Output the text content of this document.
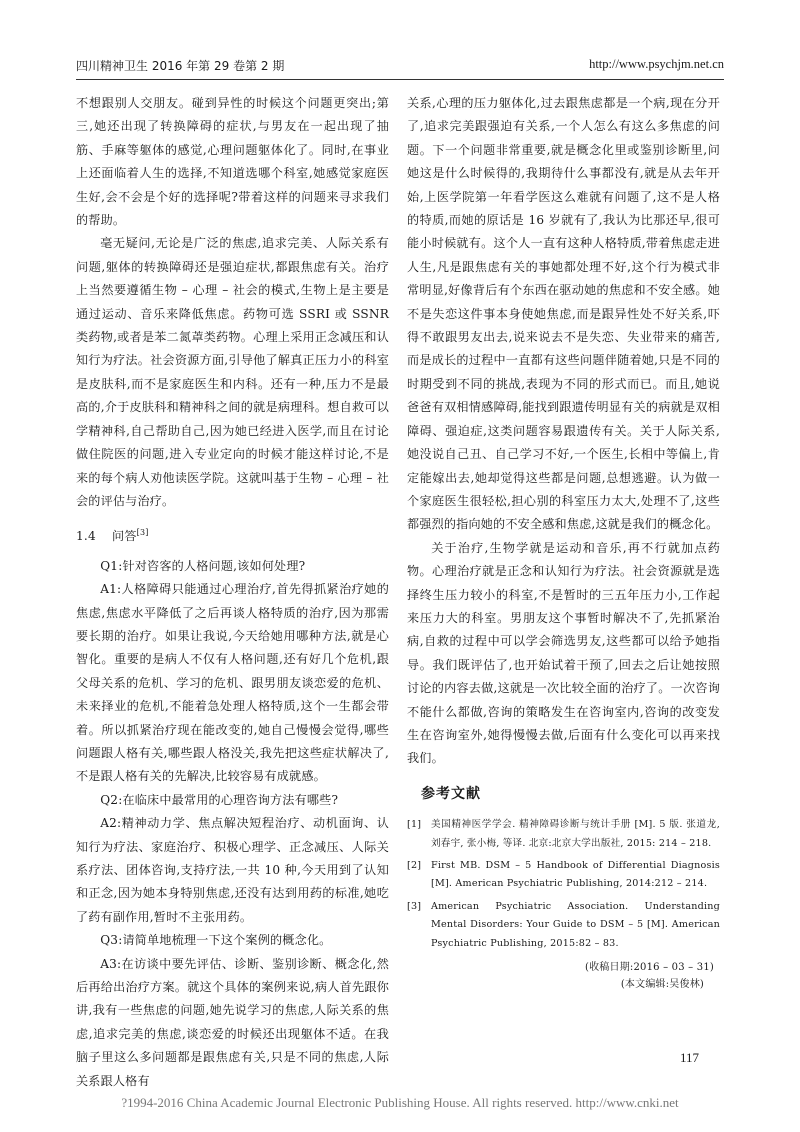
四川精神卫生 2016 年第 29 卷第 2 期	http://www.psychjm.net.cn

不想跟别人交朋友。碰到异性的时候这个问题更突出;第三,她还出现了转换障碍的症状,与男友在一起出现了抽筋、手麻等躯体的感觉,心理问题躯体化了。同时,在事业上还面临着人生的选择,不知道选哪个科室,她感觉家庭医生好,会不会是个好的选择呢?带着这样的问题来寻求我们的帮助。

毫无疑问,无论是广泛的焦虑,追求完美、人际关系有问题,躯体的转换障碍还是强迫症状,都跟焦虑有关。治疗上当然要遵循生物 – 心理 – 社会的模式,生物上是主要是通过运动、音乐来降低焦虑。药物可选 SSRI 或 SSNR 类药物,或者是苯二氮䓬类药物。心理上采用正念减压和认知行为疗法。社会资源方面,引导他了解真正压力小的科室是皮肤科,而不是家庭医生和内科。还有一种,压力不是最高的,介于皮肤科和精神科之间的就是病理科。想自救可以学精神科,自己帮助自己,因为她已经进入医学,而且在讨论做住院医的问题,进入专业定向的时候才能这样讨论,不是来的每个病人劝他读医学院。这就叫基于生物 – 心理 – 社会的评估与治疗。

1.4 问答[3]

Q1:针对咨客的人格问题,该如何处理?

A1:人格障碍只能通过心理治疗,首先得抓紧治疗她的焦虑,焦虑水平降低了之后再谈人格特质的治疗,因为那需要长期的治疗。如果让我说,今天给她用哪种方法,就是心智化。重要的是病人不仅有人格问题,还有好几个危机,跟父母关系的危机、学习的危机、跟男朋友谈恋爱的危机、未来择业的危机,不能着急处理人格特质,这个一生都会带着。所以抓紧治疗现在能改变的,她自己慢慢会觉得,哪些问题跟人格有关,哪些跟人格没关,我先把这些症状解决了,不是跟人格有关的先解决,比较容易有成就感。

Q2:在临床中最常用的心理咨询方法有哪些?

A2:精神动力学、焦点解决短程治疗、动机面询、认知行为疗法、家庭治疗、积极心理学、正念减压、人际关系疗法、团体咨询,支持疗法,一共 10 种,今天用到了认知和正念,因为她本身特别焦虑,还没有达到用药的标准,她吃了药有副作用,暂时不主张用药。

Q3:请简单地梳理一下这个案例的概念化。

A3:在访谈中要先评估、诊断、鉴别诊断、概念化,然后再给出治疗方案。就这个具体的案例来说,病人首先跟你讲,我有一些焦虑的问题,她先说学习的焦虑,人际关系的焦虑,追求完美的焦虑,谈恋爱的时候还出现躯体不适。在我脑子里这么多问题都是跟焦虑有关,只是不同的焦虑,人际关系跟人格有

关系,心理的压力躯体化,过去跟焦虑都是一个病,现在分开了,追求完美跟强迫有关系,一个人怎么有这么多焦虑的问题。下一个问题非常重要,就是概念化里或鉴别诊断里,问她这是什么时候得的,我期待什么事都没有,就是从去年开始,上医学院第一年看学医这么难就有问题了,这不是人格的特质,而她的原话是 16 岁就有了,我认为比那还早,很可能小时候就有。这个人一直有这种人格特质,带着焦虑走进人生,凡是跟焦虑有关的事她都处理不好,这个行为模式非常明显,好像背后有个东西在驱动她的焦虑和不安全感。她不是失恋这件事本身使她焦虑,而是跟异性处不好关系,吓得不敢跟男友出去,说来说去不是失恋、失业带来的痛苦,而是成长的过程中一直都有这些问题伴随着她,只是不同的时期受到不同的挑战,表现为不同的形式而已。而且,她说爸爸有双相情感障碍,能找到跟遗传明显有关的病就是双相障碍、强迫症,这类问题容易跟遗传有关。关于人际关系,她没说自己丑、自己学习不好,一个医生,长相中等偏上,肯定能嫁出去,她却觉得这些都是问题,总想逃避。认为做一个家庭医生很轻松,担心别的科室压力太大,处理不了,这些都强烈的指向她的不安全感和焦虑,这就是我们的概念化。

关于治疗,生物学就是运动和音乐,再不行就加点药物。心理治疗就是正念和认知行为疗法。社会资源就是选择终生压力较小的科室,不是暂时的三五年压力小,工作起来压力大的科室。男朋友这个事暂时解决不了,先抓紧治病,自救的过程中可以学会筛选男友,这些都可以给予她指导。我们既评估了,也开始试着干预了,回去之后让她按照讨论的内容去做,这就是一次比较全面的治疗了。一次咨询不能什么都做,咨询的策略发生在咨询室内,咨询的改变发生在咨询室外,她得慢慢去做,后面有什么变化可以再来找我们。

参考文献
[1] 美国精神医学学会. 精神障碍诊断与统计手册 [M]. 5 版. 张道龙, 刘春宇, 张小梅, 等译. 北京:北京大学出版社, 2015: 214 – 218.
[2] First MB. DSM – 5 Handbook of Differential Diagnosis [M]. American Psychiatric Publishing, 2014:212 – 214.
[3] American Psychiatric Association. Understanding Mental Disorders: Your Guide to DSM – 5 [M]. American Psychiatric Publishing, 2015:82 – 83.
(收稿日期:2016 – 03 – 31)
(本文编辑:吴俊林)
117
?1994-2016 China Academic Journal Electronic Publishing House. All rights reserved. http://www.cnki.net
